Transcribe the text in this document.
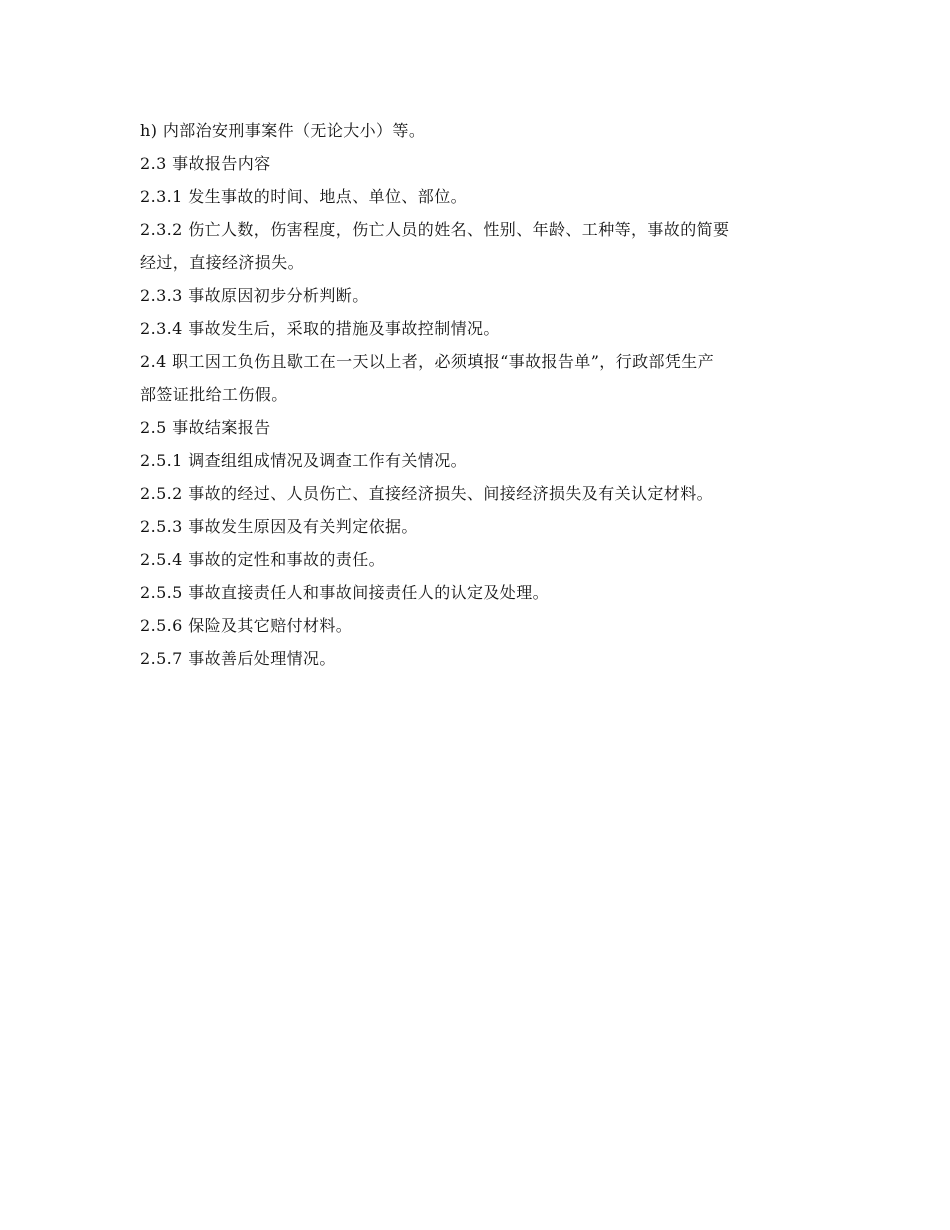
h) 内部治安刑事案件（无论大小）等。

2.3 事故报告内容

2.3.1 发生事故的时间、地点、单位、部位。

2.3.2 伤亡人数，伤害程度，伤亡人员的姓名、性别、年龄、工种等，事故的简要

经过，直接经济损失。

2.3.3 事故原因初步分析判断。

2.3.4 事故发生后，采取的措施及事故控制情况。

2.4 职工因工负伤且歇工在一天以上者，必须填报“事故报告单”，行政部凭生产

部签证批给工伤假。

2.5 事故结案报告

2.5.1 调查组组成情况及调查工作有关情况。

2.5.2 事故的经过、人员伤亡、直接经济损失、间接经济损失及有关认定材料。

2.5.3 事故发生原因及有关判定依据。

2.5.4 事故的定性和事故的责任。

2.5.5 事故直接责任人和事故间接责任人的认定及处理。

2.5.6 保险及其它赔付材料。

2.5.7 事故善后处理情况。
